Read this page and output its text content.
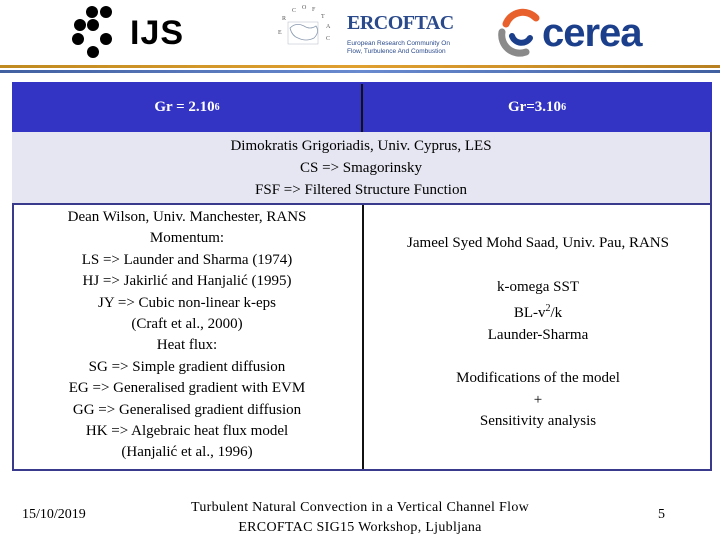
IJS	E
R
C O F
T
A
C
ERCOFTAC
European Research Community On Flow, Turbulence And Combustion cerea
Gr = 2.10 6	Gr=3.10 6
Dimokratis Grigoriadis, Univ. Cyprus, LES
CS => Smagorinsky
FSF => Filtered Structure Function
Dean Wilson, Univ. Manchester, RANS
Momentum:
LS => Launder and Sharma (1974)
HJ => Jakirlić and Hanjalić (1995)
JY => Cubic non-linear k-eps
(Craft et al., 2000)
Heat flux:
SG => Simple gradient diffusion
EG => Generalised gradient with EVM
GG => Generalised gradient diffusion
HK => Algebraic heat flux model
(Hanjalić et al., 1996)
Jameel Syed Mohd Saad, Univ. Pau, RANS
k-omega SST
$BL-v^2/k$
Launder-Sharma
Modifications of the model
+
Sensitivity analysis
15/10/2019	Turbulent Natural Convection in a Vertical Channel Flow
ERCOFTAC SIG15 Workshop, Ljubljana
5
